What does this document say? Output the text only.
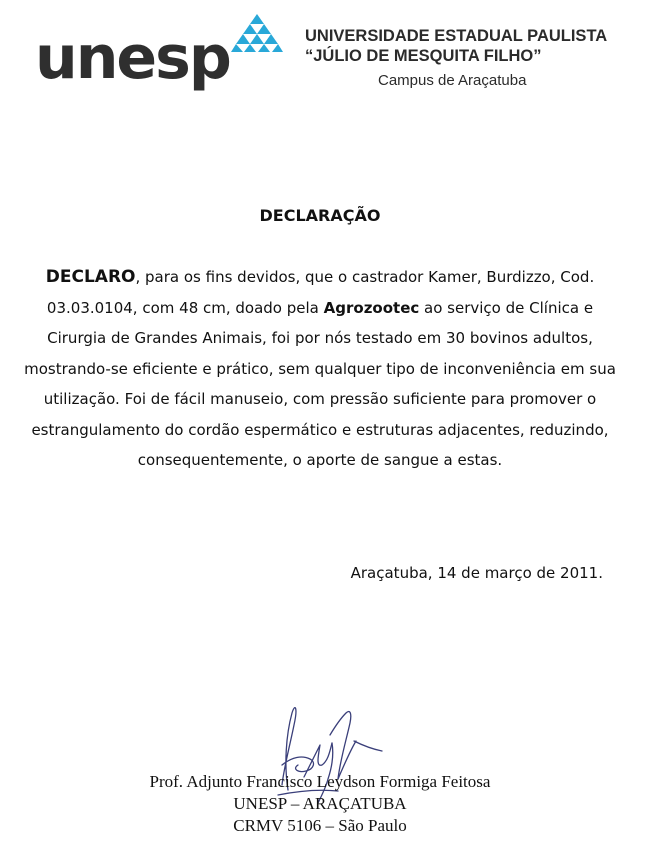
unesp	UNIVERSIDADE ESTADUAL PAULISTA
“JÚLIO DE MESQUITA FILHO”
Campus de Araçatuba
DECLARAÇÃO
DECLARO, para os fins devidos, que o castrador Kamer, Burdizzo, Cod. 03.03.0104, com 48 cm, doado pela Agrozootec ao serviço de Clínica e Cirurgia de Grandes Animais, foi por nós testado em 30 bovinos adultos, mostrando-se eficiente e prático, sem qualquer tipo de inconveniência em sua utilização. Foi de fácil manuseio, com pressão suficiente para promover o estrangulamento do cordão espermático e estruturas adjacentes, reduzindo, consequentemente, o aporte de sangue a estas.
Araçatuba, 14 de março de 2011.
Prof. Adjunto Francisco Leydson Formiga Feitosa
UNESP – ARAÇATUBA
CRMV 5106 – São Paulo
